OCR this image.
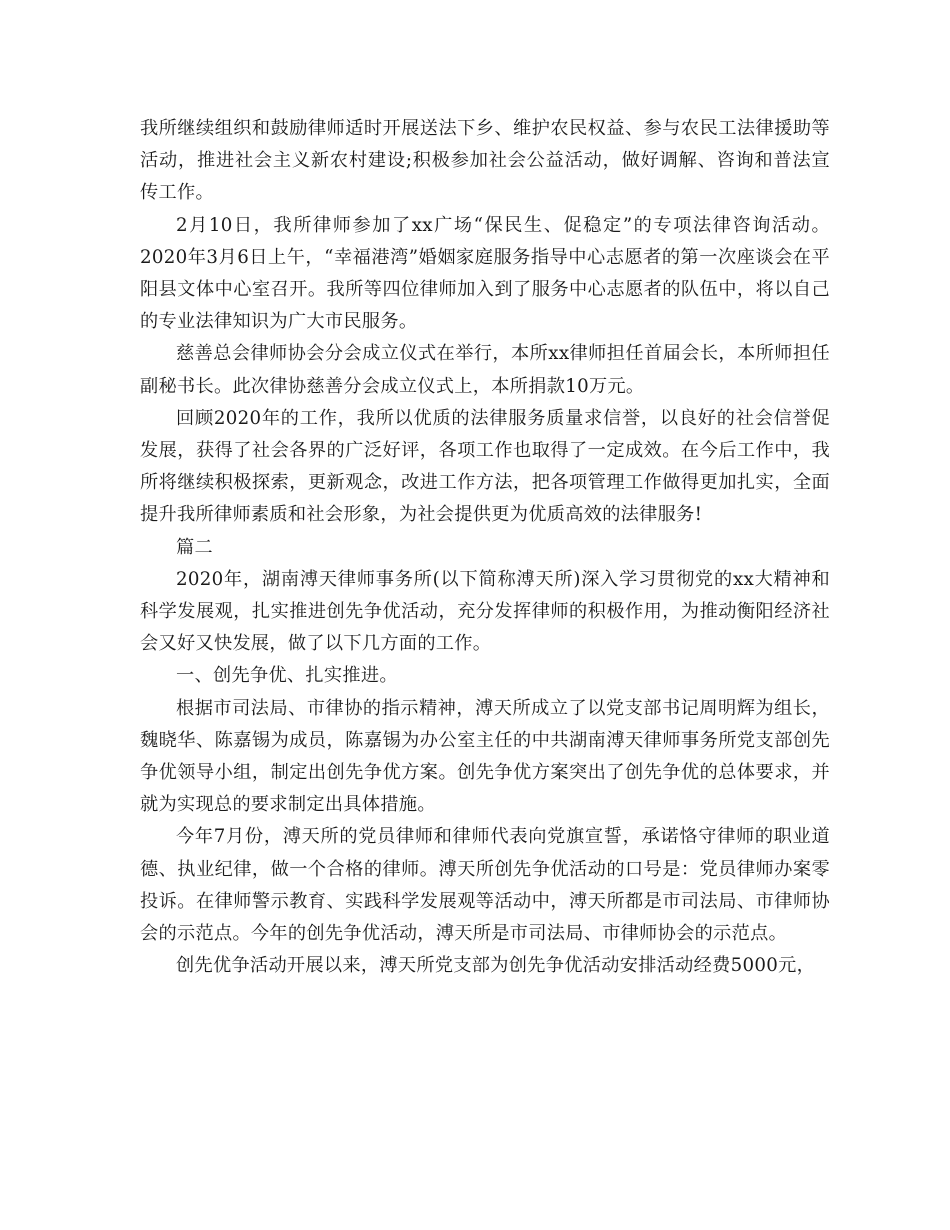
我所继续组织和鼓励律师适时开展送法下乡、维护农民权益、参与农民工法律援助等活动，推进社会主义新农村建设;积极参加社会公益活动，做好调解、咨询和普法宣传工作。

2月10日，我所律师参加了xx广场“保民生、促稳定”的专项法律咨询活动。2020年3月6日上午，“幸福港湾”婚姻家庭服务指导中心志愿者的第一次座谈会在平阳县文体中心室召开。我所等四位律师加入到了服务中心志愿者的队伍中，将以自己的专业法律知识为广大市民服务。

慈善总会律师协会分会成立仪式在举行，本所xx律师担任首届会长，本所师担任副秘书长。此次律协慈善分会成立仪式上，本所捐款10万元。

回顾2020年的工作，我所以优质的法律服务质量求信誉，以良好的社会信誉促发展，获得了社会各界的广泛好评，各项工作也取得了一定成效。在今后工作中，我所将继续积极探索，更新观念，改进工作方法，把各项管理工作做得更加扎实，全面提升我所律师素质和社会形象，为社会提供更为优质高效的法律服务!

篇二

2020年，湖南溥天律师事务所(以下简称溥天所)深入学习贯彻党的xx大精神和科学发展观，扎实推进创先争优活动，充分发挥律师的积极作用，为推动衡阳经济社会又好又快发展，做了以下几方面的工作。

一、创先争优、扎实推进。

根据市司法局、市律协的指示精神，溥天所成立了以党支部书记周明辉为组长，魏晓华、陈嘉锡为成员，陈嘉锡为办公室主任的中共湖南溥天律师事务所党支部创先争优领导小组，制定出创先争优方案。创先争优方案突出了创先争优的总体要求，并就为实现总的要求制定出具体措施。

今年7月份，溥天所的党员律师和律师代表向党旗宣誓，承诺恪守律师的职业道德、执业纪律，做一个合格的律师。溥天所创先争优活动的口号是：党员律师办案零投诉。在律师警示教育、实践科学发展观等活动中，溥天所都是市司法局、市律师协会的示范点。今年的创先争优活动，溥天所是市司法局、市律师协会的示范点。

创先优争活动开展以来，溥天所党支部为创先争优活动安排活动经费5000元，
